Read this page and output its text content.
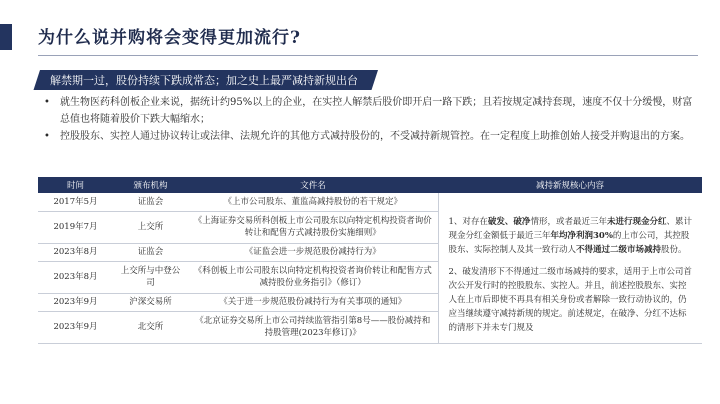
为什么说并购将会变得更加流行?
解禁期一过，股份持续下跌成常态；加之史上最严减持新规出台
• 就生物医药科创板企业来说，据统计约95%以上的企业，在实控人解禁后股价即开启一路下跌；且若按规定减持套现，速度不仅十分缓慢，财富总值也将随着股价下跌大幅缩水；
• 控股股东、实控人通过协议转让或法律、法规允许的其他方式减持股份的，不受减持新规管控。在一定程度上助推创始人接受并购退出的方案。
时间	颁布机构	文件名	减持新规核心内容
2017年5月	证监会	《上市公司股东、董监高减持股份的若干规定》	1、对存在破发、破净情形，或者最近三年未进行现金分红、累计现金分红金额低于最近三年年均净利润30%的上市公司，其控股股东、实际控制人及其一致行动人不得通过二级市场减持股份。
2、破发清形下不得通过二级市场减持的要求，适用于上市公司首次公开发行时的控股股东、实控人。并且，前述控股股东、实控人在上市后即使不再具有相关身份或者解除一致行动协议的，仍应当继续遵守减持新规的规定。前述规定，在破净、分红不达标的清形下并未专门规及

2019年7月	上交所	《上海证券交易所科创板上市公司股东以向特定机构投资者询价转让和配售方式减持股份实施细则》	
2023年8月	证监会	《证监会进一步规范股份减持行为》	
2023年8月	上交所与中登公司	《科创板上市公司股东以向特定机构投资者询价转让和配售方式减持股份业务指引》（修订）	
2023年9月	沪深交易所	《关于进一步规范股份减持行为有关事项的通知》	
2023年9月	北交所	《北京证券交易所上市公司持续监管指引第8号——股份减持和持股管理(2023年修订)》	
